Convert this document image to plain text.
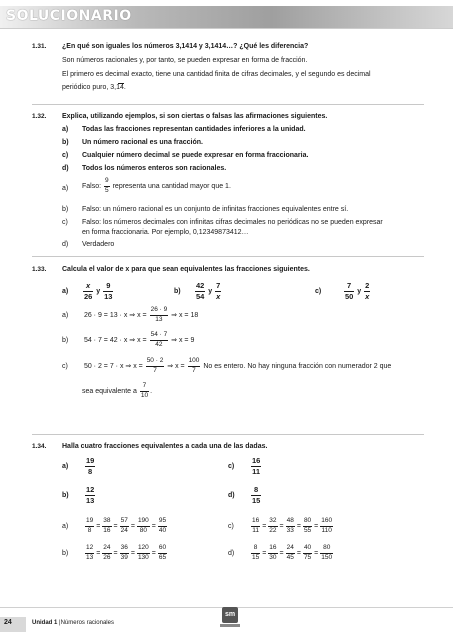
SOLUCIONARIO
1.31. ¿En qué son iguales los números 3,1414 y 3,1414…? ¿Qué les diferencia?
Son números racionales y, por tanto, se pueden expresar en forma de fracción.
El primero es decimal exacto, tiene una cantidad finita de cifras decimales, y el segundo es decimal
periódico puro, 3,14
.
1.32. Explica, utilizando ejemplos, si son ciertas o falsas las afirmaciones siguientes.
a) Todas las fracciones representan cantidades inferiores a la unidad.
b) Un número racional es una fracción.
c) Cualquier número decimal se puede expresar en forma fraccionaria.
d) Todos los números enteros son racionales.
a) Falso: $\frac{9}{5}$ representa una cantidad mayor que 1.
b) Falso: un número racional es un conjunto de infinitas fracciones equivalentes entre sí.
c) Falso: los números decimales con infinitas cifras decimales no periódicas no se pueden expresar
en forma fraccionaria. Por ejemplo, 0,12349873412…
d) Verdadero
1.33. Calcula el valor de x para que sean equivalentes las fracciones siguientes.
$a) \frac{x}{26}$ y $\frac{9}{13}$	$b) \frac{42}{54}$ y $\frac{7}{x}$	c)	$\frac{7}{50}$ y $\frac{2}{x}$
a) 26 · 9 = 13 · x ⇒ $x = \frac{26 \cdot 9}{13}$ ⇒ x = 18
b) 54 · 7 = 42 · x ⇒ $x = \frac{54 \cdot 7}{42}$ ⇒ x = 9
c) 50 · 2 = 7 · x ⇒ $x = \frac{50 \cdot 2}{7}$ ⇒ $x = \frac{100}{7}$ No es entero. No hay ninguna fracción con numerador 2 que
sea equivalente a $\frac{7}{10}$ .
1.34. Halla cuatro fracciones equivalentes a cada una de las dadas.
$a) \frac{19}{8}$	$c) \frac{16}{11}$
$b) \frac{12}{13}$	$d) \frac{8}{15}$
a)	$\frac{19}{8} = \frac{38}{16} = \frac{57}{24} = \frac{190}{80} = \frac{95}{40}$	c)	$\frac{16}{11} = \frac{32}{22} = \frac{48}{33} = \frac{80}{55} = \frac{160}{110}$
b)	$\frac{12}{13} = \frac{24}{26} = \frac{36}{39} = \frac{120}{130} = \frac{60}{65}$	d)	$\frac{8}{15} = \frac{16}{30} = \frac{24}{45} = \frac{40}{75} = \frac{80}{150}$
24	Unidad 1 |Números racionales
sm
